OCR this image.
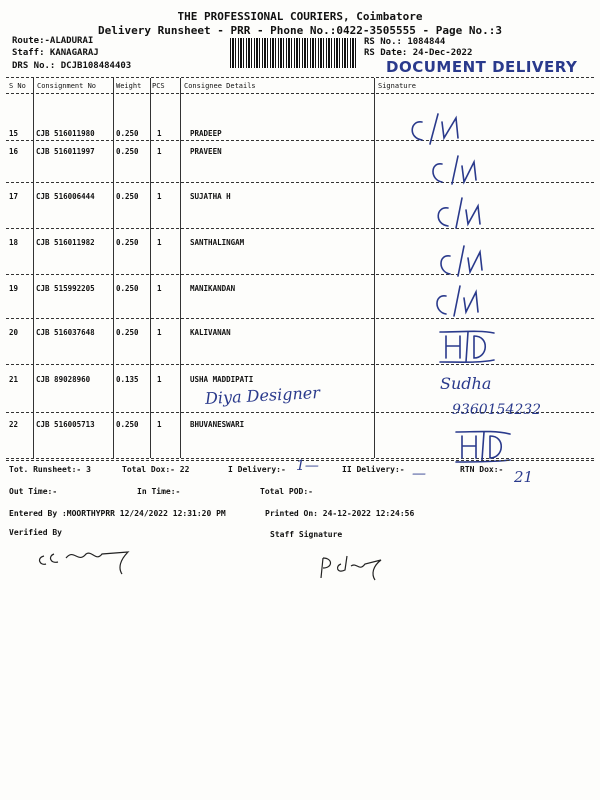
THE PROFESSIONAL COURIERS, Coimbatore
Delivery Runsheet - PRR - Phone No.:0422-3505555 - Page No.:3
Route:-ALADURAI
Staff: KANAGARAJ
DRS No.: DCJB108484403
RS No.: 1084844
RS Date: 24-Dec-2022
DOCUMENT DELIVERY
S No Consignment No	Weight PCS	Consignee Details	Signature
15 CJB 516011980	0.250 1	PRADEEP
16 CJB 516011997	0.250 1	PRAVEEN
17 CJB 516006444	0.250 1	SUJATHA H
18 CJB 516011982	0.250 1	SANTHALINGAM
19 CJB 515992205	0.250 1	MANIKANDAN
20 CJB 516037648	0.250 1	KALIVANAN
21 CJB 89028960	0.135 1	USHA MADDIPATI
22 CJB 516005713	0.250 1	BHUVANESWARI
Diya Designer	Sudha
9360154232
Tot. Runsheet:- 3	Total Dox:- 22	I Delivery:- 1—	II Delivery:- —	RTN Dox:- 21
Out Time:-	In Time:-	Total POD:-
Entered By :MOORTHYPRR 12/24/2022 12:31:20 PM	Printed On: 24-12-2022 12:24:56
Verified By	Staff Signature
